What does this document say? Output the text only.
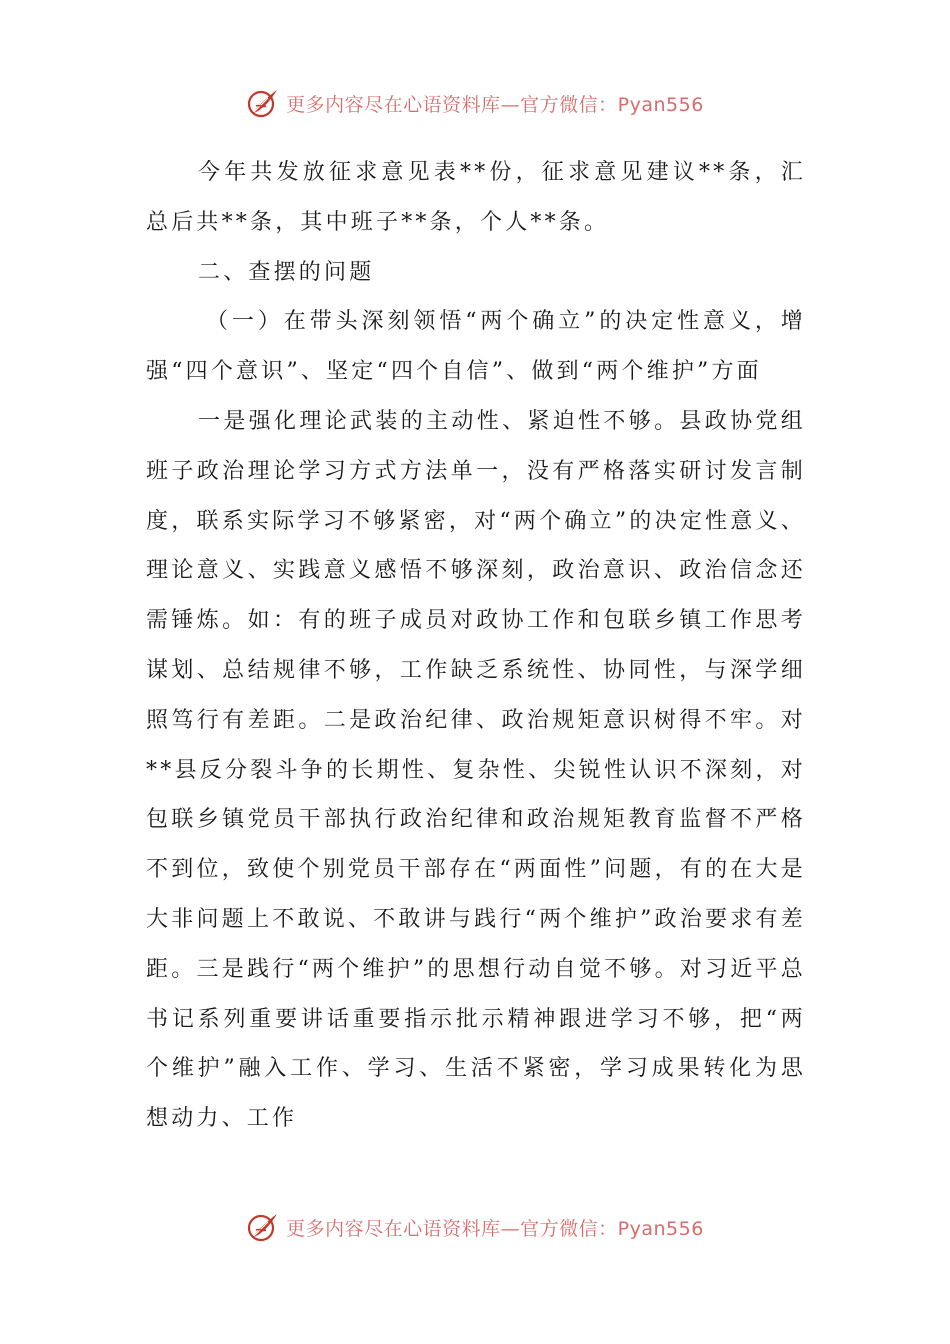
更多内容尽在心语资料库—官方微信：Pyan556

今年共发放征求意见表**份，征求意见建议**条，汇总后共**条，其中班子**条，个人**条。

二、查摆的问题

（一）在带头深刻领悟“两个确立”的决定性意义，增强“四个意识”、坚定“四个自信”、做到“两个维护”方面

一是强化理论武装的主动性、紧迫性不够。县政协党组班子政治理论学习方式方法单一，没有严格落实研讨发言制度，联系实际学习不够紧密，对“两个确立”的决定性意义、理论意义、实践意义感悟不够深刻，政治意识、政治信念还需锤炼。如：有的班子成员对政协工作和包联乡镇工作思考谋划、总结规律不够，工作缺乏系统性、协同性，与深学细照笃行有差距。二是政治纪律、政治规矩意识树得不牢。对**县反分裂斗争的长期性、复杂性、尖锐性认识不深刻，对包联乡镇党员干部执行政治纪律和政治规矩教育监督不严格不到位，致使个别党员干部存在“两面性”问题，有的在大是大非问题上不敢说、不敢讲与践行“两个维护”政治要求有差距。三是践行“两个维护”的思想行动自觉不够。对习近平总书记系列重要讲话重要指示批示精神跟进学习不够，把“两个维护”融入工作、学习、生活不紧密，学习成果转化为思想动力、工作

更多内容尽在心语资料库—官方微信：Pyan556
